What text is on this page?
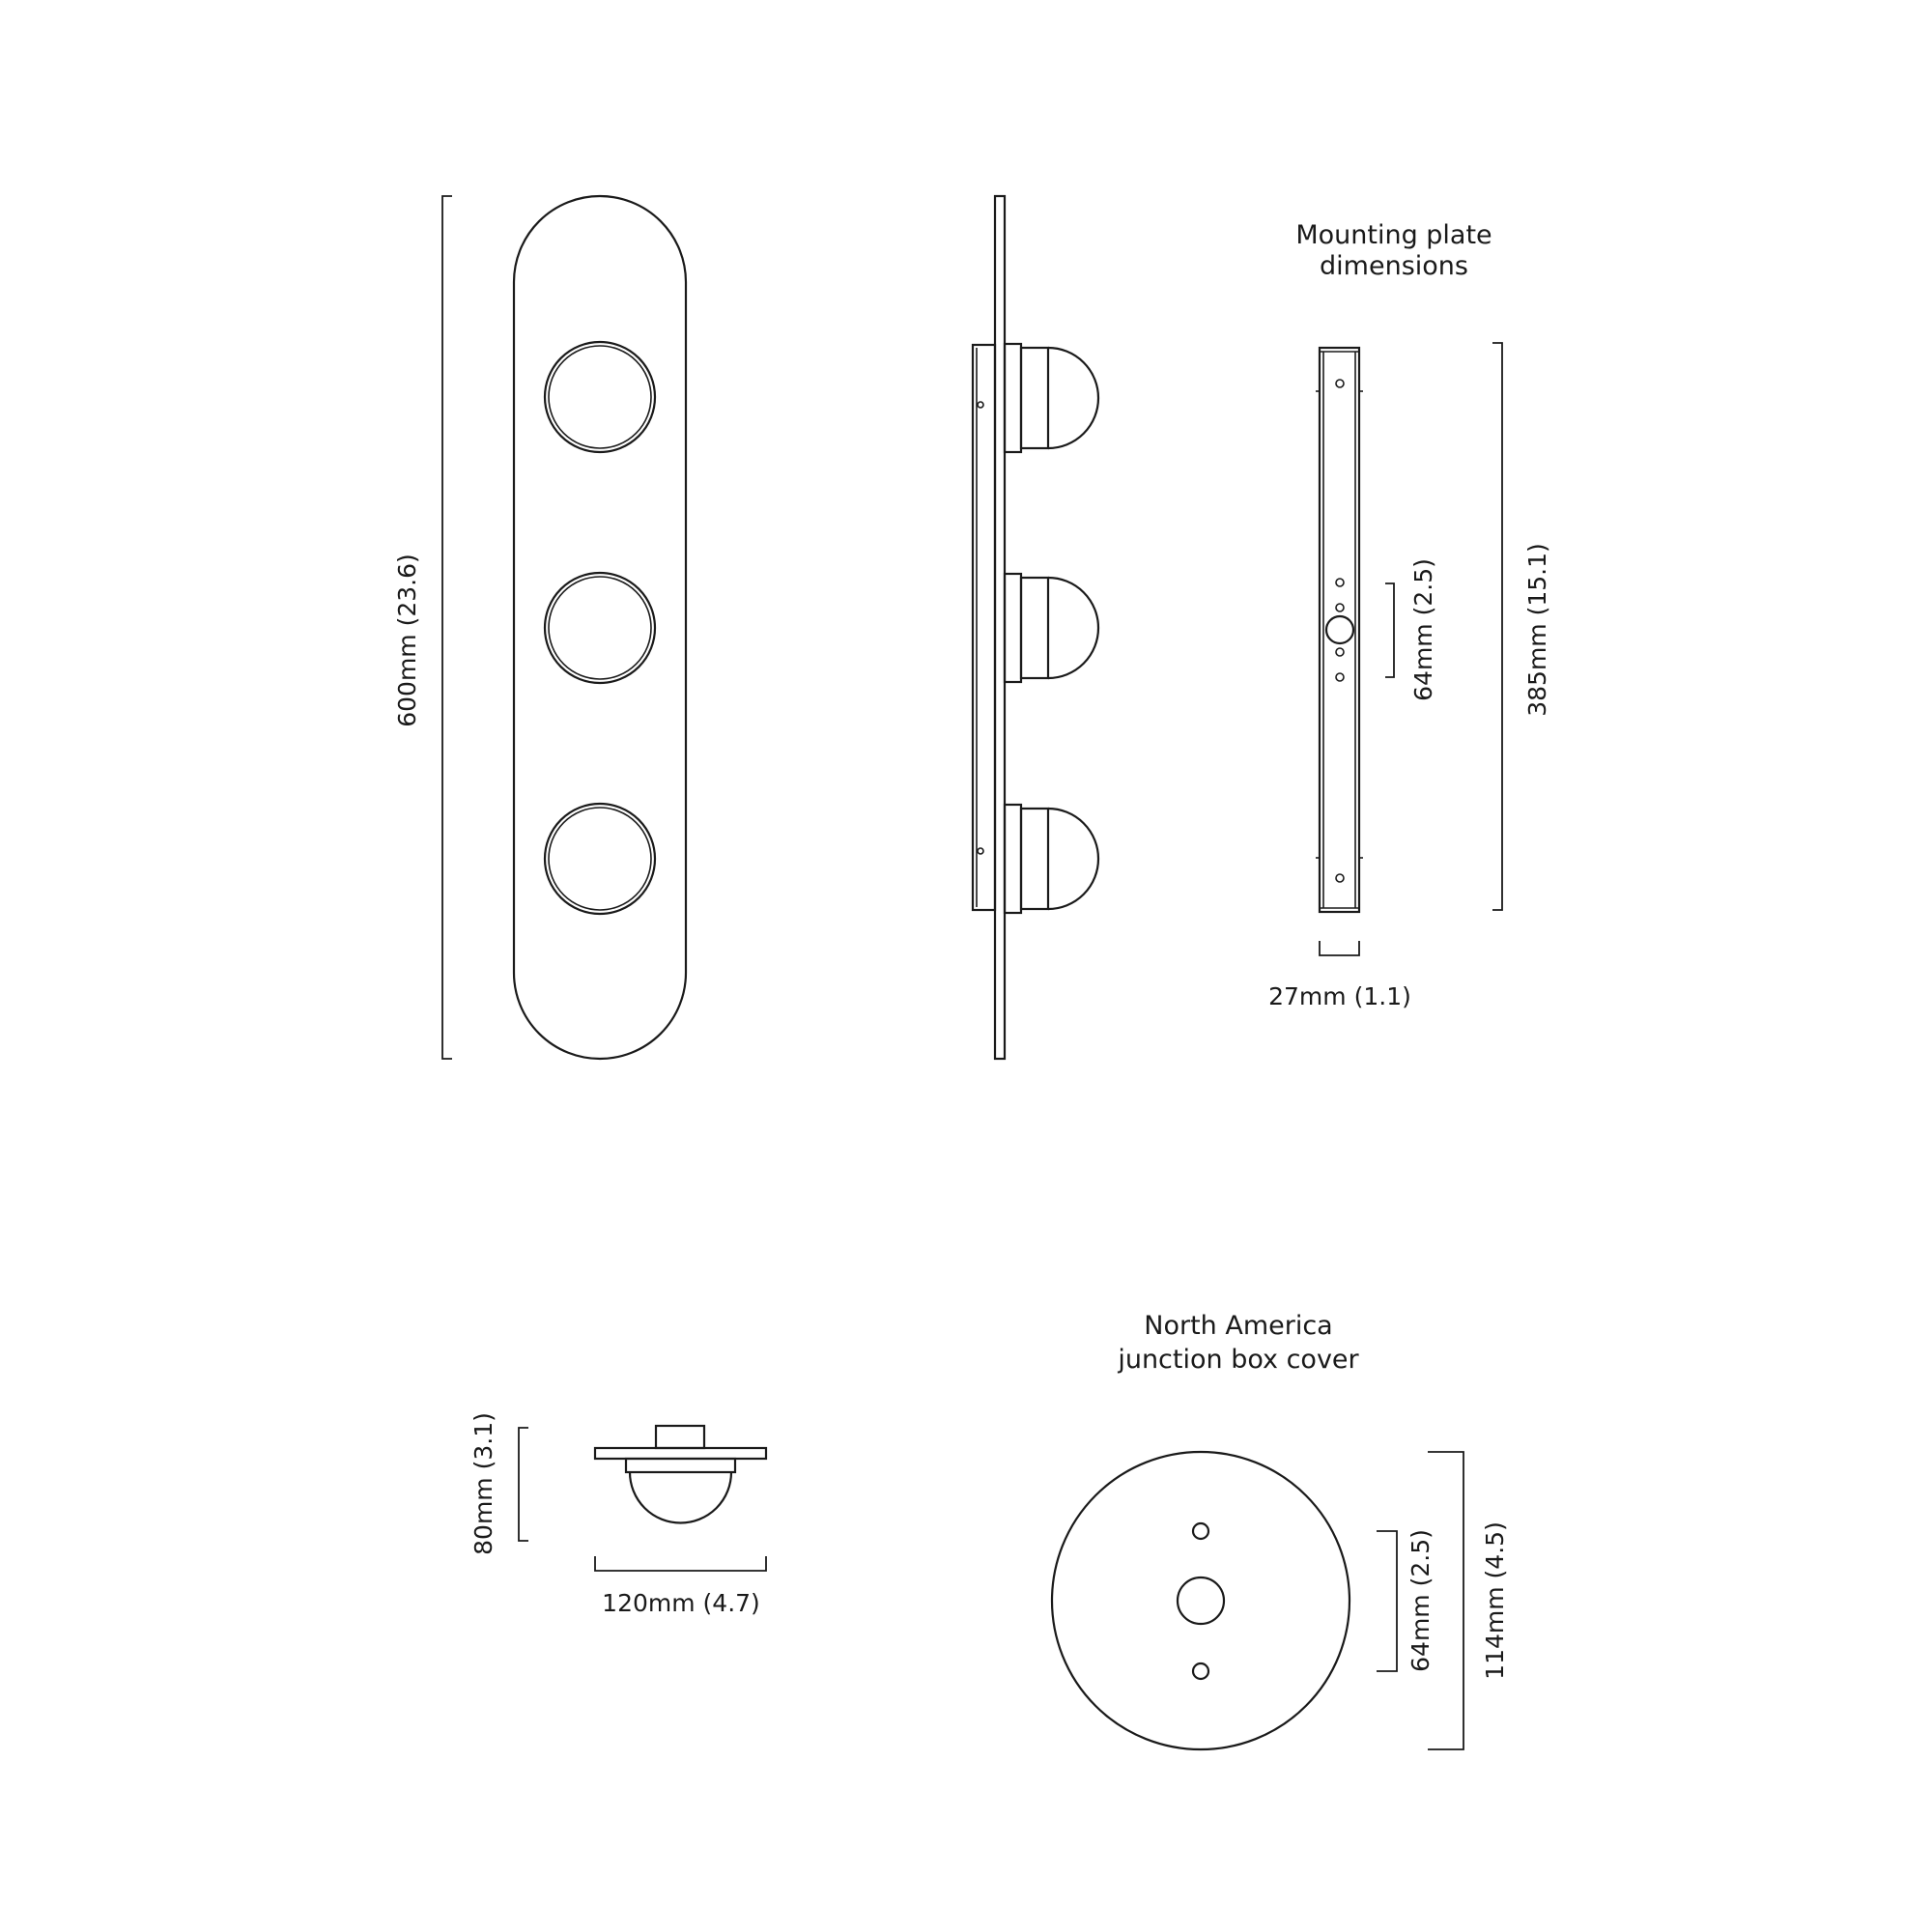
600mm (23.6)
Mounting plate
dimensions
64mm (2.5)	385mm (15.1)
27mm (1.1)
80mm (3.1)
120mm (4.7)
North America
junction box cover
64mm (2.5) 114mm (4.5)
